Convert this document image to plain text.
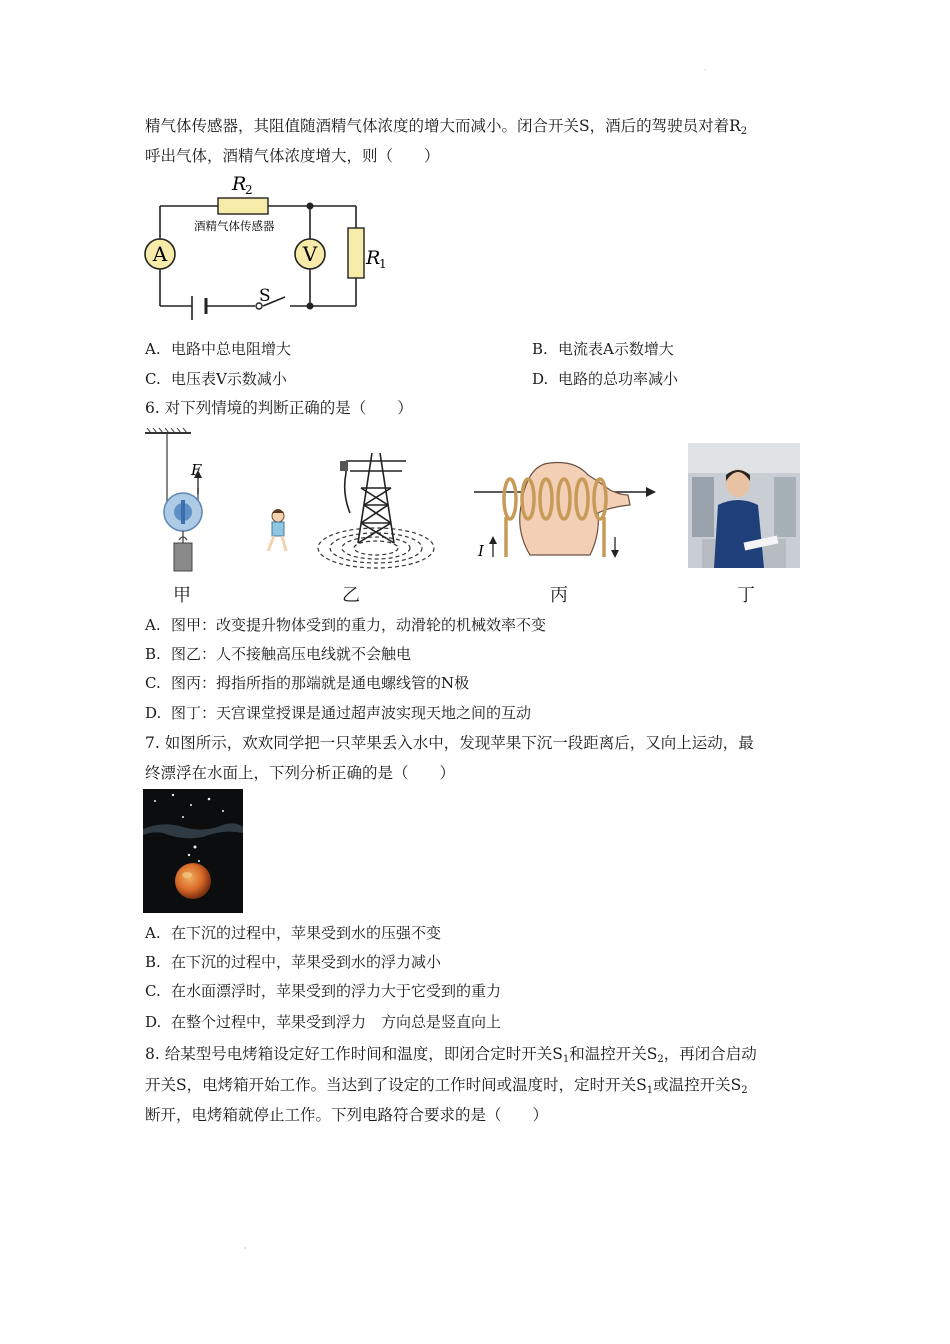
·
精气体传感器，其阻值随酒精气体浓度的增大而减小。闭合开关S，酒后的驾驶员对着$R_2$
呼出气体，酒精气体浓度增大，则（　　）
A	V
R
2
R
1
酒精气体传感器
S
A. 电路中总电阻增大	B. 电流表A示数增大
C. 电压表V示数减小	D. 电路的总功率减小
6. 对下列情境的判断正确的是（　　）
F
I
甲	乙	丙	丁
A. 图甲：改变提升物体受到的重力，动滑轮的机械效率不变
B. 图乙：人不接触高压电线就不会触电
C. 图丙：拇指所指的那端就是通电螺线管的N极
D. 图丁：天宫课堂授课是通过超声波实现天地之间的互动
7. 如图所示，欢欢同学把一只苹果丢入水中，发现苹果下沉一段距离后，又向上运动，最
终漂浮在水面上，下列分析正确的是（　　）
A. 在下沉的过程中，苹果受到水的压强不变
B. 在下沉的过程中，苹果受到水的浮力减小
C. 在水面漂浮时，苹果受到的浮力大于它受到的重力
D. 在整个过程中，苹果受到浮力　方向总是竖直向上
8. 给某型号电烤箱设定好工作时间和温度，即闭合定时开关$S_1$和温控开关$S_2$，再闭合启动
开关S，电烤箱开始工作。当达到了设定的工作时间或温度时，定时开关$S_1$或温控开关$S_2$
断开，电烤箱就停止工作。下列电路符合要求的是（　　）
·
